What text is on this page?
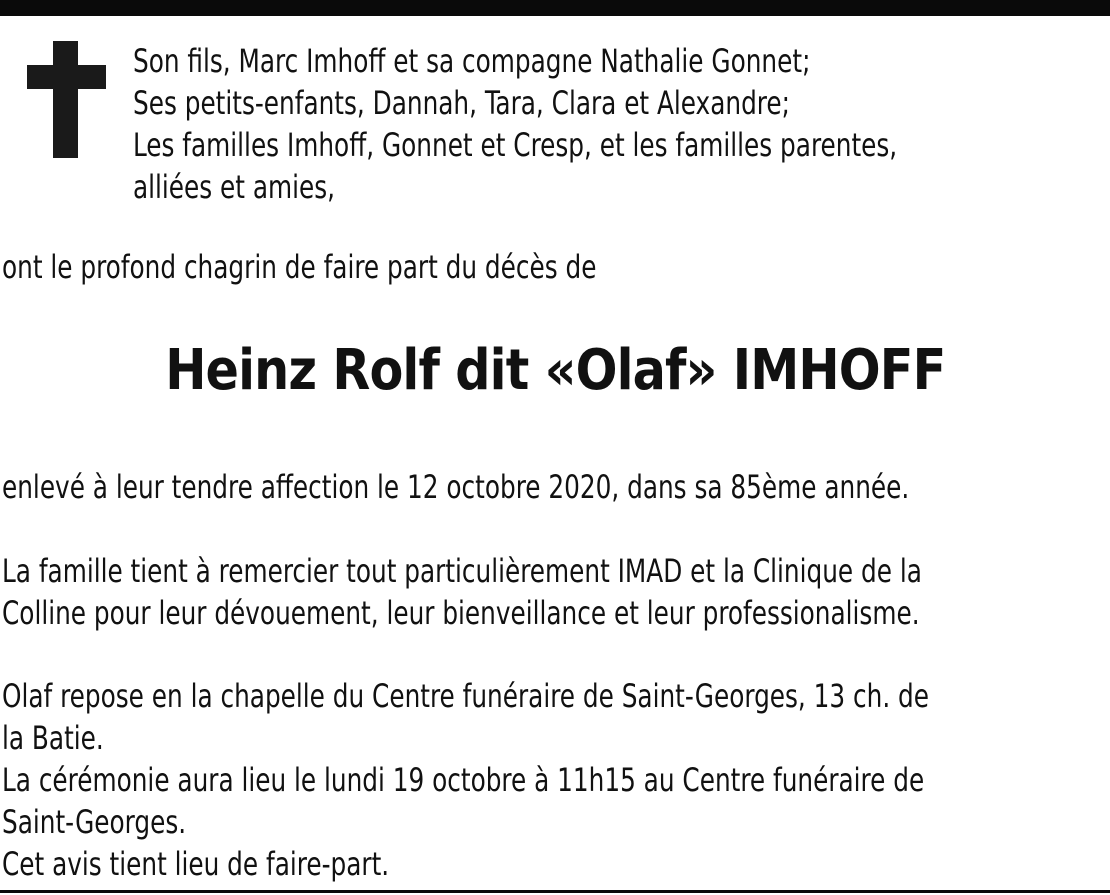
Son fils, Marc Imhoff et sa compagne Nathalie Gonnet;
Ses petits-enfants, Dannah, Tara, Clara et Alexandre;
Les familles Imhoff, Gonnet et Cresp, et les familles parentes,
alliées et amies,
ont le profond chagrin de faire part du décès de
Heinz Rolf dit «Olaf» IMHOFF
enlevé à leur tendre affection le 12 octobre 2020, dans sa 85ème année.
La famille tient à remercier tout particulièrement IMAD et la Clinique de la
Colline pour leur dévouement, leur bienveillance et leur professionalisme.
Olaf repose en la chapelle du Centre funéraire de Saint-Georges, 13 ch. de
la Batie.
La cérémonie aura lieu le lundi 19 octobre à 11h15 au Centre funéraire de
Saint-Georges.
Cet avis tient lieu de faire-part.
